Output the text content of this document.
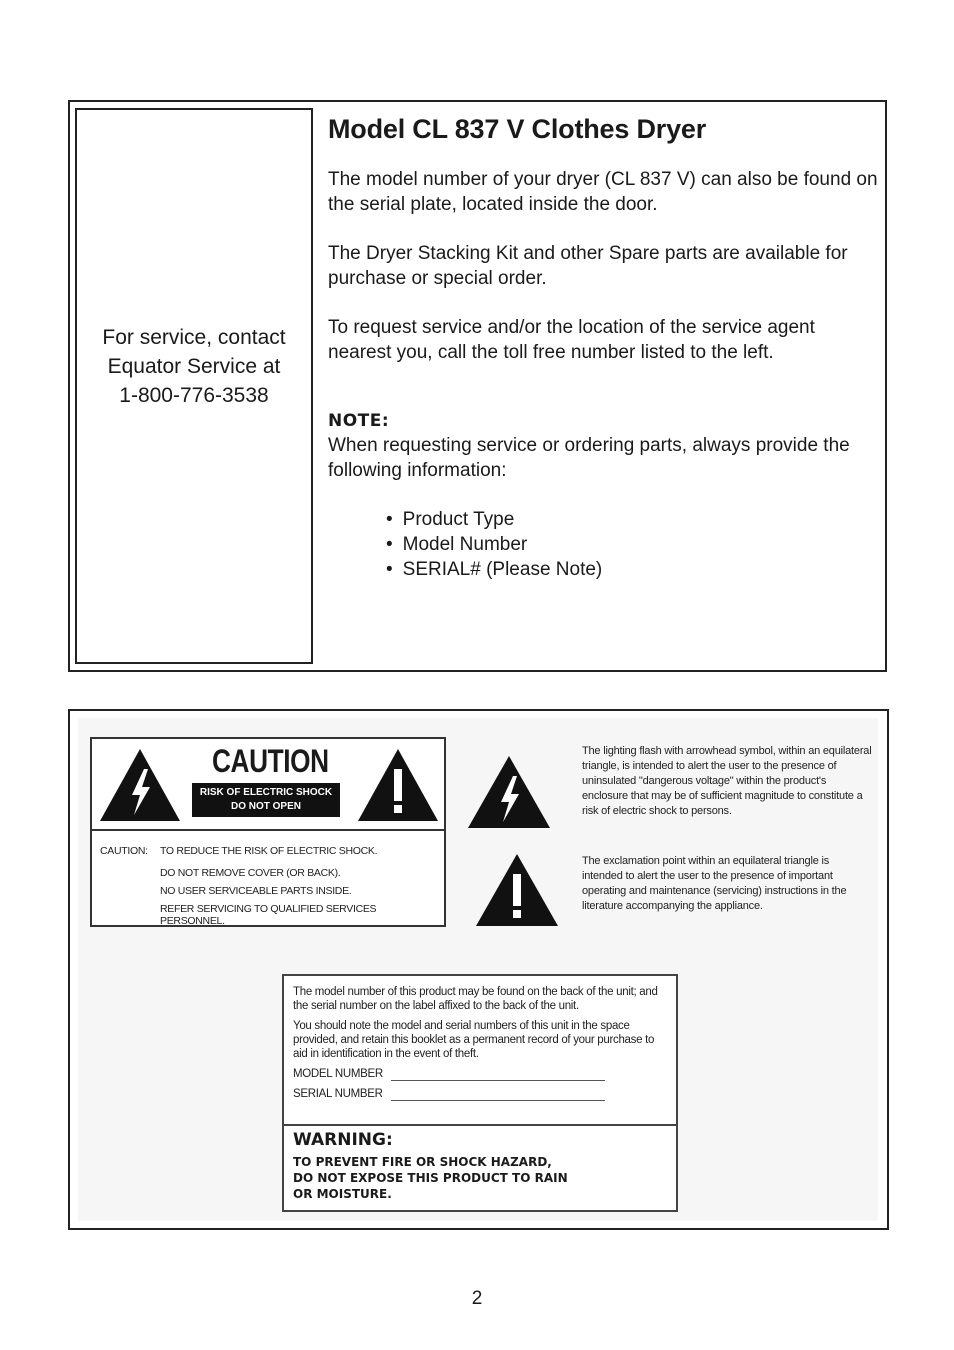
For service, contact
Equator Service at
1-800-776-3538
Model CL 837 V Clothes Dryer

The model number of your dryer (CL 837 V) can also be found on the serial plate, located inside the door.

The Dryer Stacking Kit and other Spare parts are available for purchase or special order.

To request service and/or the location of the service agent nearest you, call the toll free number listed to the left.

NOTE:

When requesting service or ordering parts, always provide the following information:

• Product Type
• Model Number
• SERIAL# (Please Note)
CAUTION
RISK OF ELECTRIC SHOCK
DO NOT OPEN
CAUTION: TO REDUCE THE RISK OF ELECTRIC SHOCK.
DO NOT REMOVE COVER (OR BACK).
NO USER SERVICEABLE PARTS INSIDE.
REFER SERVICING TO QUALIFIED SERVICES PERSONNEL.
The lighting flash with arrowhead symbol, within an equilateral triangle, is intended to alert the user to the presence of uninsulated "dangerous voltage" within the product's enclosure that may be of sufficient magnitude to constitute a risk of electric shock to persons.
The exclamation point within an equilateral triangle is intended to alert the user to the presence of important operating and maintenance (servicing) instructions in the literature accompanying the appliance.

The model number of this product may be found on the back of the unit; and the serial number on the label affixed to the back of the unit.

You should note the model and serial numbers of this unit in the space provided, and retain this booklet as a permanent record of your purchase to aid in identification in the event of theft.

MODEL NUMBER
SERIAL NUMBER
WARNING:
TO PREVENT FIRE OR SHOCK HAZARD,
DO NOT EXPOSE THIS PRODUCT TO RAIN
OR MOISTURE.
2
